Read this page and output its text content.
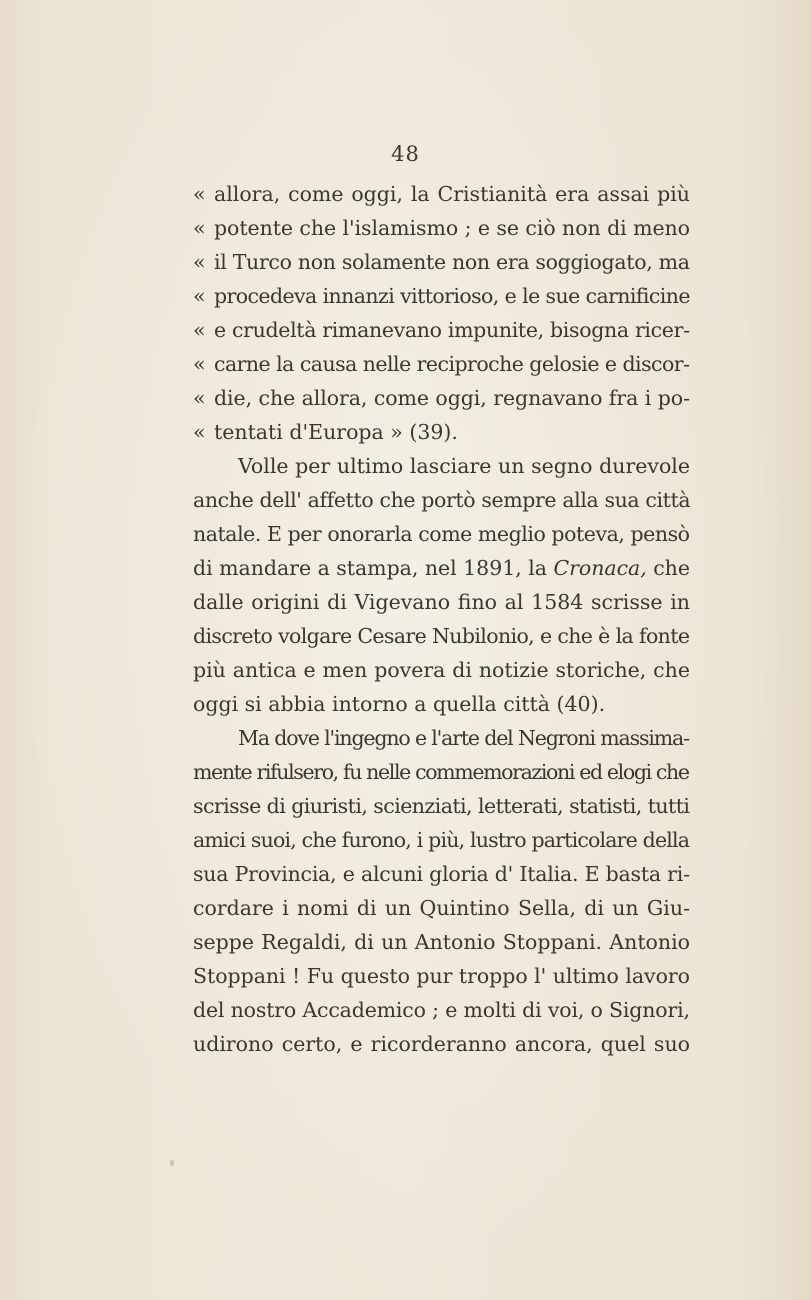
48

«

allora, come oggi, la Cristianità era assai più

«

potente che l'islamismo ; e se ciò non di meno

«

il Turco non solamente non era soggiogato, ma

«

procedeva innanzi vittorioso, e le sue carnificine

«

e crudeltà rimanevano impunite, bisogna ricer-

«

carne la causa nelle reciproche gelosie e discor-

«

die, che allora, come oggi, regnavano fra i po-

«

tentati d'Europa » (39).

Volle per ultimo lasciare un segno durevole

anche dell' affetto che portò sempre alla sua città

natale. E per onorarla come meglio poteva, pensò

di mandare a stampa, nel 1891, la Cronaca, che

dalle origini di Vigevano fino al 1584 scrisse in

discreto volgare Cesare Nubilonio, e che è la fonte

più antica e men povera di notizie storiche, che

oggi si abbia intorno a quella città (40).

Ma dove l'ingegno e l'arte del Negroni massima-

mente rifulsero, fu nelle commemorazioni ed elogi che

scrisse di giuristi, scienziati, letterati, statisti, tutti

amici suoi, che furono, i più, lustro particolare della

sua Provincia, e alcuni gloria d' Italia. E basta ri-

cordare i nomi di un Quintino Sella, di un Giu-

seppe Regaldi, di un Antonio Stoppani. Antonio

Stoppani ! Fu questo pur troppo l' ultimo lavoro

del nostro Accademico ; e molti di voi, o Signori,

udirono certo, e ricorderanno ancora, quel suo
